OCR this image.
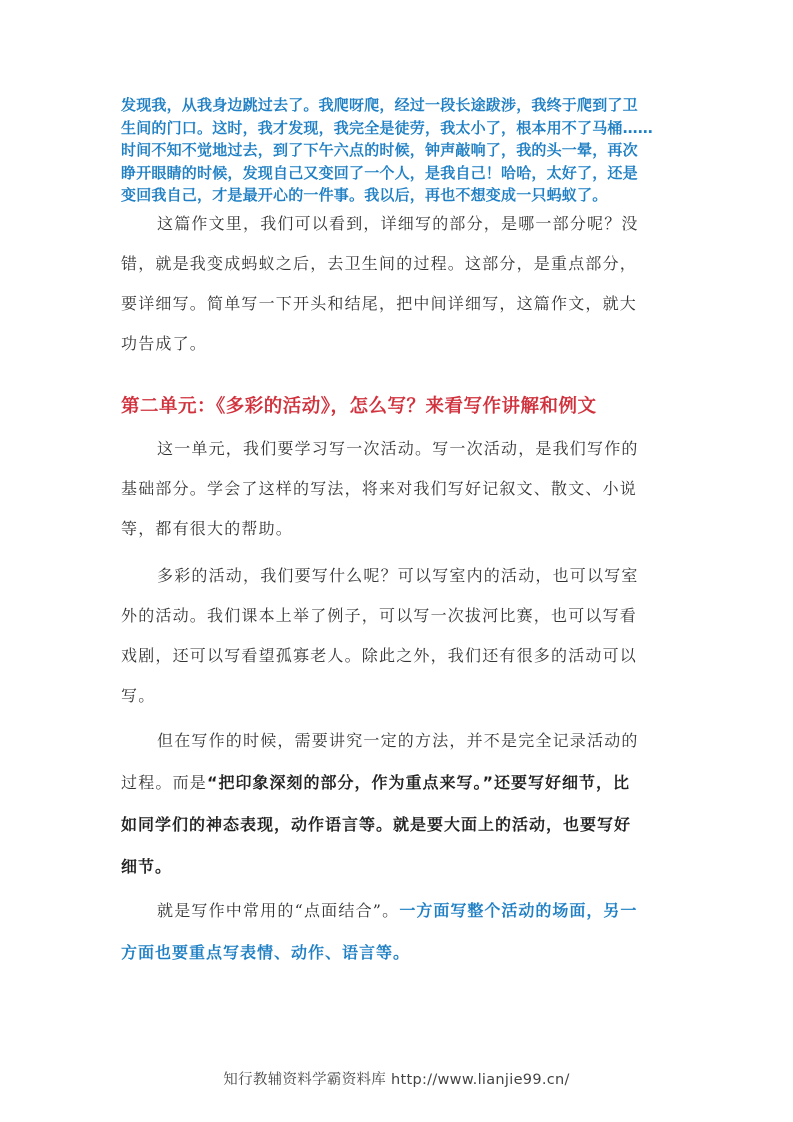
发现我，从我身边跳过去了。我爬呀爬，经过一段长途跋涉，我终于爬到了卫
生间的门口。这时，我才发现，我完全是徒劳，我太小了，根本用不了马桶……
时间不知不觉地过去，到了下午六点的时候，钟声敲响了，我的头一晕，再次
睁开眼睛的时候，发现自己又变回了一个人，是我自己！哈哈，太好了，还是
变回我自己，才是最开心的一件事。我以后，再也不想变成一只蚂蚁了。
这篇作文里，我们可以看到，详细写的部分，是哪一部分呢？没
错，就是我变成蚂蚁之后，去卫生间的过程。这部分，是重点部分，
要详细写。简单写一下开头和结尾，把中间详细写，这篇作文，就大
功告成了。
第二单元：《多彩的活动》，怎么写？来看写作讲解和例文
这一单元，我们要学习写一次活动。写一次活动，是我们写作的
基础部分。学会了这样的写法，将来对我们写好记叙文、散文、小说
等，都有很大的帮助。
多彩的活动，我们要写什么呢？可以写室内的活动，也可以写室
外的活动。我们课本上举了例子，可以写一次拔河比赛，也可以写看
戏剧，还可以写看望孤寡老人。除此之外，我们还有很多的活动可以
写。
但在写作的时候，需要讲究一定的方法，并不是完全记录活动的
过程。而是“把印象深刻的部分，作为重点来写。”还要写好细节，比
如同学们的神态表现，动作语言等。就是要大面上的活动，也要写好
细节。
就是写作中常用的“点面结合”。一方面写整个活动的场面，另一
方面也要重点写表情、动作、语言等。
知行教辅资料学霸资料库 http://www.lianjie99.cn/
